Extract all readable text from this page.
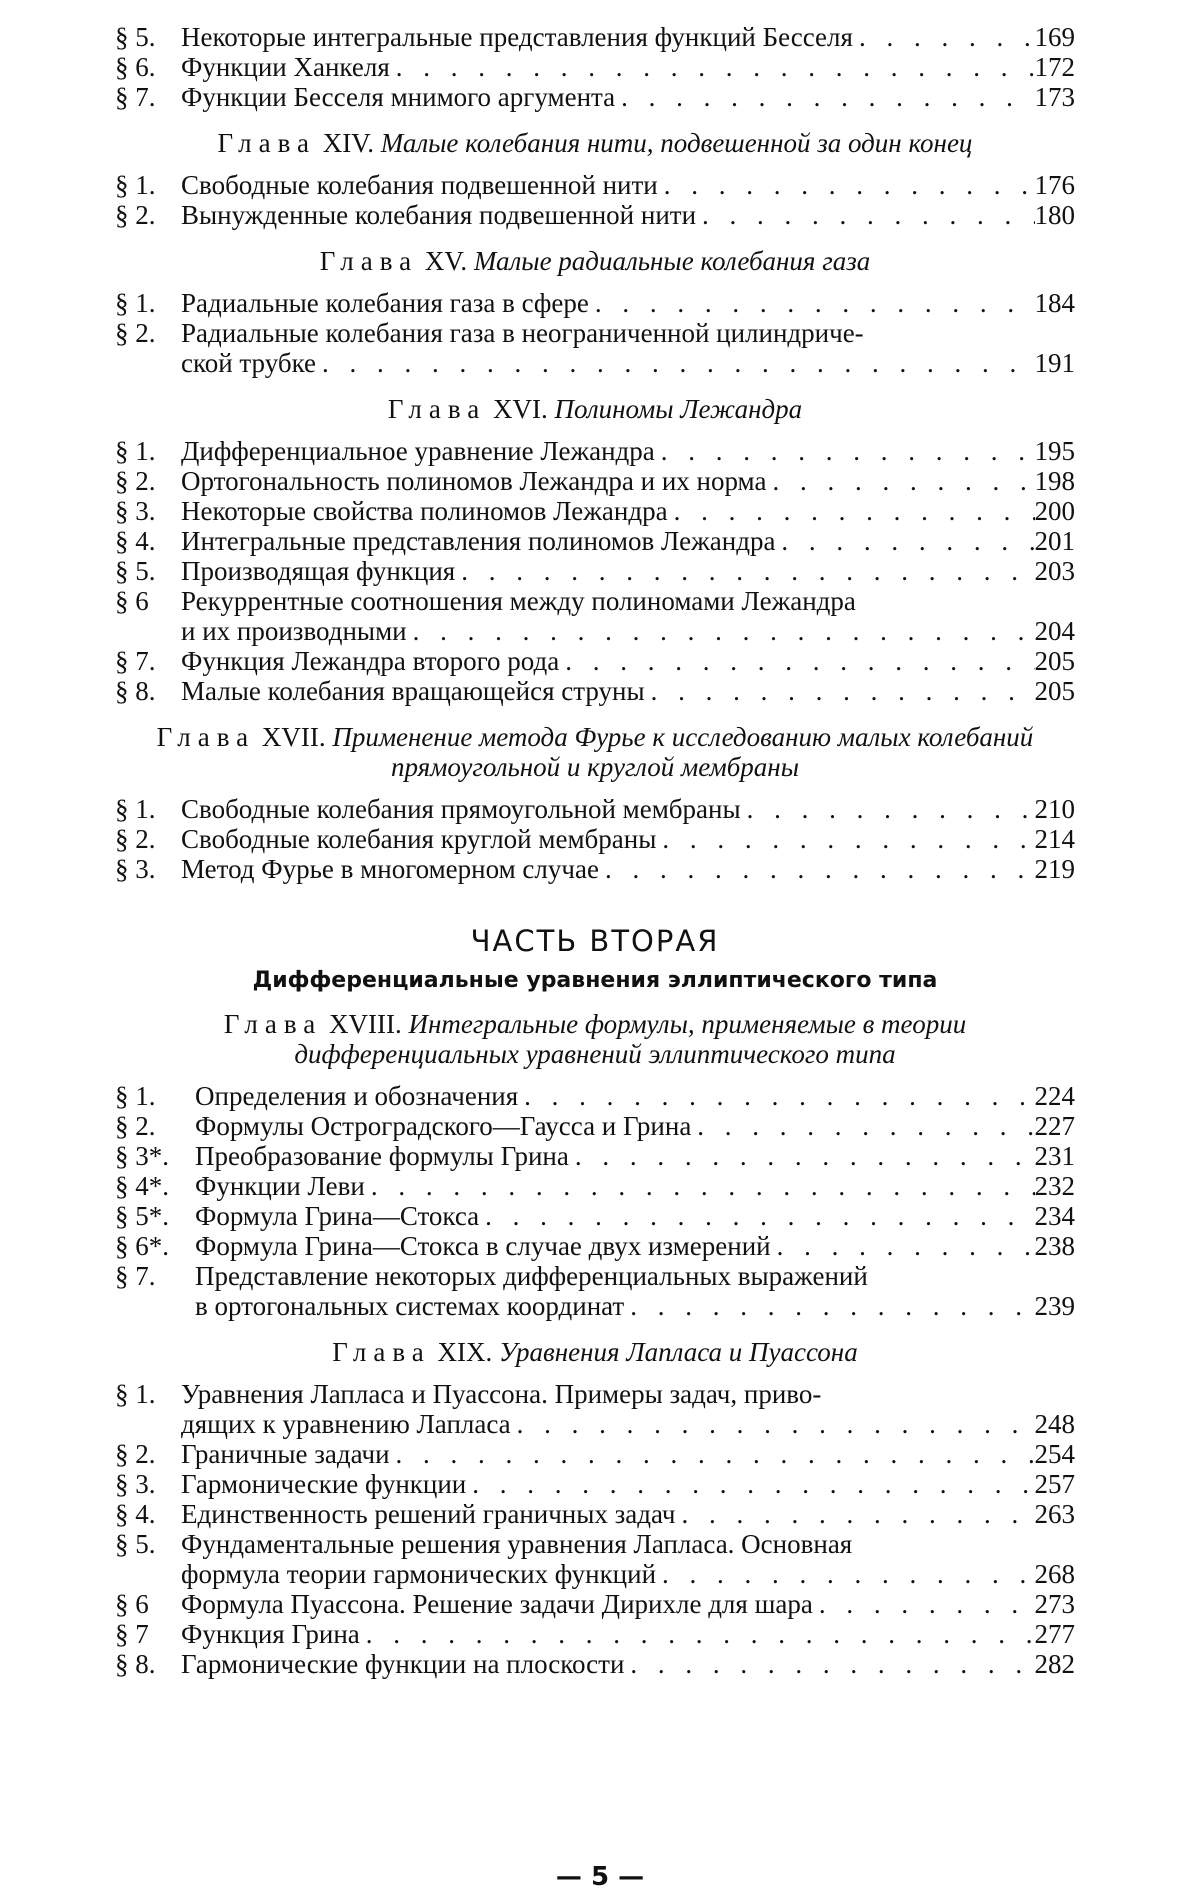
§ 5. Некоторые интегральные представления функций Бесселя . . .	169
§ 6. Функции Ханкеля . . .	172
§ 7. Функции Бесселя мнимого аргумента . . .	173
Глава XIV. Малые колебания нити, подвешенной за один конец
§ 1. Свободные колебания подвешенной нити . . .	176
§ 2. Вынужденные колебания подвешенной нити . . .	180
Глава XV. Малые радиальные колебания газа
§ 1. Радиальные колебания газа в сфере . . .	184
§ 2. Радиальные колебания газа в неограниченной цилиндриче-
ской трубке . . .	191
Глава XVI. Полиномы Лежандра
§ 1. Дифференциальное уравнение Лежандра . . .	195
§ 2. Ортогональность полиномов Лежандра и их норма . . .	198
§ 3. Некоторые свойства полиномов Лежандра . . .	200
§ 4. Интегральные представления полиномов Лежандра . . .	201
§ 5. Производящая функция . . .	203
§ 6	Рекуррентные соотношения между полиномами Лежандра
и их производными . . .	204
§ 7. Функция Лежандра второго рода . . .	205
§ 8. Малые колебания вращающейся струны . . .	205
Глава XVII. Применение метода Фурье к исследованию малых колебаний прямоугольной и круглой мембраны
§ 1. Свободные колебания прямоугольной мембраны . . .	210
§ 2. Свободные колебания круглой мембраны . . .	214
§ 3. Метод Фурье в многомерном случае . . .	219
ЧАСТЬ ВТОРАЯ
Дифференциальные уравнения эллиптического типа
Глава XVIII. Интегральные формулы, применяемые в теории дифференциальных уравнений эллиптического типа
§ 1.	Определения и обозначения . . .	224
§ 2.	Формулы Остроградского—Гаусса и Грина . . .	227
§ 3*. Преобразование формулы Грина . . .	231
§ 4*. Функции Леви . . .	232
§ 5*. Формула Грина—Стокса . . .	234
§ 6*. Формула Грина—Стокса в случае двух измерений . . .	238
§ 7.	Представление некоторых дифференциальных выражений
в ортогональных системах координат . . .	239
Глава XIX. Уравнения Лапласа и Пуассона
§ 1. Уравнения Лапласа и Пуассона. Примеры задач, приво-
дящих к уравнению Лапласа . . .	248
§ 2. Граничные задачи . . .	254
§ 3. Гармонические функции . . .	257
§ 4. Единственность решений граничных задач . . .	263
§ 5. Фундаментальные решения уравнения Лапласа. Основная
формула теории гармонических функций . . .	268
§ 6	Формула Пуассона. Решение задачи Дирихле для шара . . .	273
§ 7	Функция Грина . . .	277
§ 8. Гармонические функции на плоскости . . .	282
— 5 —
